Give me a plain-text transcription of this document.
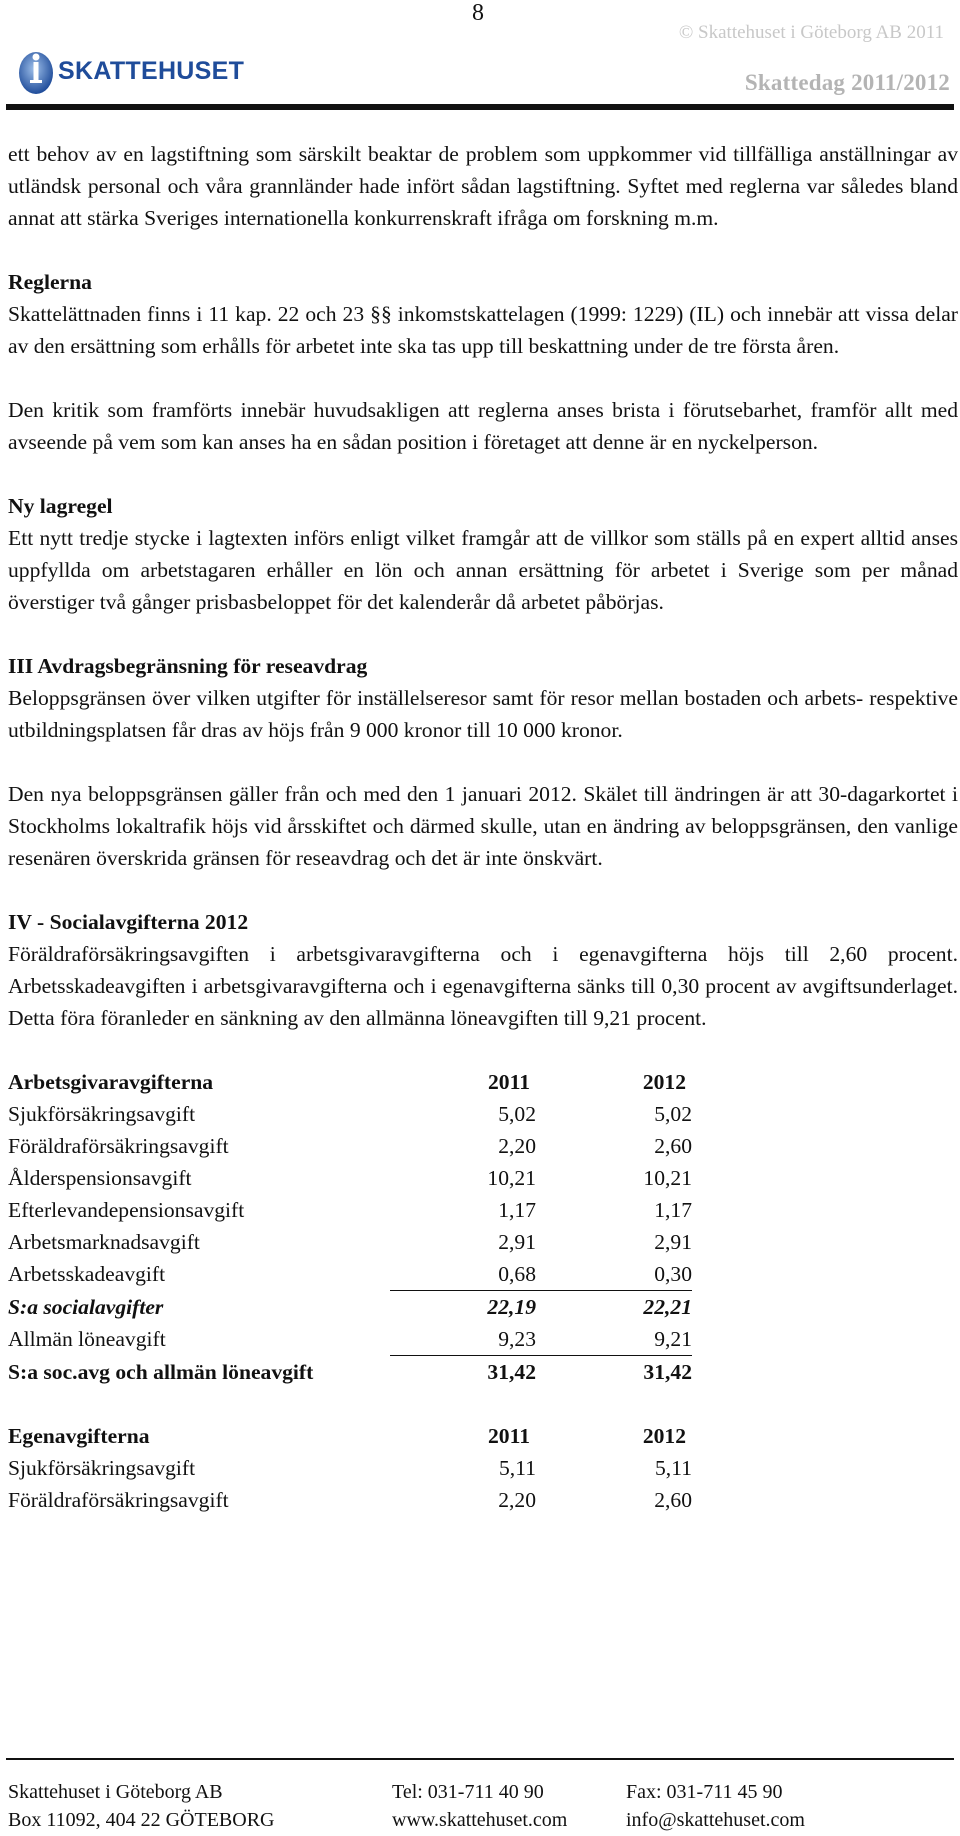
8
© Skattehuset i Göteborg AB 2011
SKATTEHUSET	Skattedag 2011/2012

ett behov av en lagstiftning som särskilt beaktar de problem som uppkommer vid tillfälliga anställningar av utländsk personal och våra grannländer hade infört sådan lagstiftning. Syftet med reglerna var således bland annat att stärka Sveriges internationella konkurrenskraft ifråga om forskning m.m.

Reglerna

Skattelättnaden finns i 11 kap. 22 och 23 §§ inkomstskattelagen (1999: 1229) (IL) och innebär att vissa delar av den ersättning som erhålls för arbetet inte ska tas upp till beskattning under de tre första åren.

Den kritik som framförts innebär huvudsakligen att reglerna anses brista i förutsebarhet, framför allt med avseende på vem som kan anses ha en sådan position i företaget att denne är en nyckelperson.

Ny lagregel

Ett nytt tredje stycke i lagtexten införs enligt vilket framgår att de villkor som ställs på en expert alltid anses uppfyllda om arbetstagaren erhåller en lön och annan ersättning för arbetet i Sverige som per månad överstiger två gånger prisbasbeloppet för det kalenderår då arbetet påbörjas.

III Avdragsbegränsning för reseavdrag

Beloppsgränsen över vilken utgifter för inställelseresor samt för resor mellan bostaden och arbets- respektive utbildningsplatsen får dras av höjs från 9 000 kronor till 10 000 kronor.

Den nya beloppsgränsen gäller från och med den 1 januari 2012. Skälet till ändringen är att 30-dagarkortet i Stockholms lokaltrafik höjs vid årsskiftet och därmed skulle, utan en ändring av beloppsgränsen, den vanlige resenären överskrida gränsen för reseavdrag och det är inte önskvärt.

IV - Socialavgifterna 2012

Föräldraförsäkringsavgiften i arbetsgivaravgifterna och i egenavgifterna höjs till 2,60 procent. Arbetsskadeavgiften i arbetsgivaravgifterna och i egenavgifterna sänks till 0,30 procent av avgiftsunderlaget. Detta föra föranleder en sänkning av den allmänna löneavgiften till 9,21 procent.

Arbetsgivaravgifterna	2011	2012
Sjukförsäkringsavgift	5,02	5,02
Föräldraförsäkringsavgift	2,20	2,60
Ålderspensionsavgift	10,21	10,21
Efterlevandepensionsavgift	1,17	1,17
Arbetsmarknadsavgift	2,91	2,91
Arbetsskadeavgift	0,68	0,30
S:a socialavgifter	22,19	22,21
Allmän löneavgift	9,23	9,21
S:a soc.avg och allmän löneavgift	31,42	31,42
Egenavgifterna	2011	2012
Sjukförsäkringsavgift	5,11	5,11
Föräldraförsäkringsavgift	2,20	2,60
Skattehuset i Göteborg AB
Box 11092, 404 22 GÖTEBORG
Tel: 031-711 40 90
www.skattehuset.com
Fax: 031-711 45 90
info@skattehuset.com
